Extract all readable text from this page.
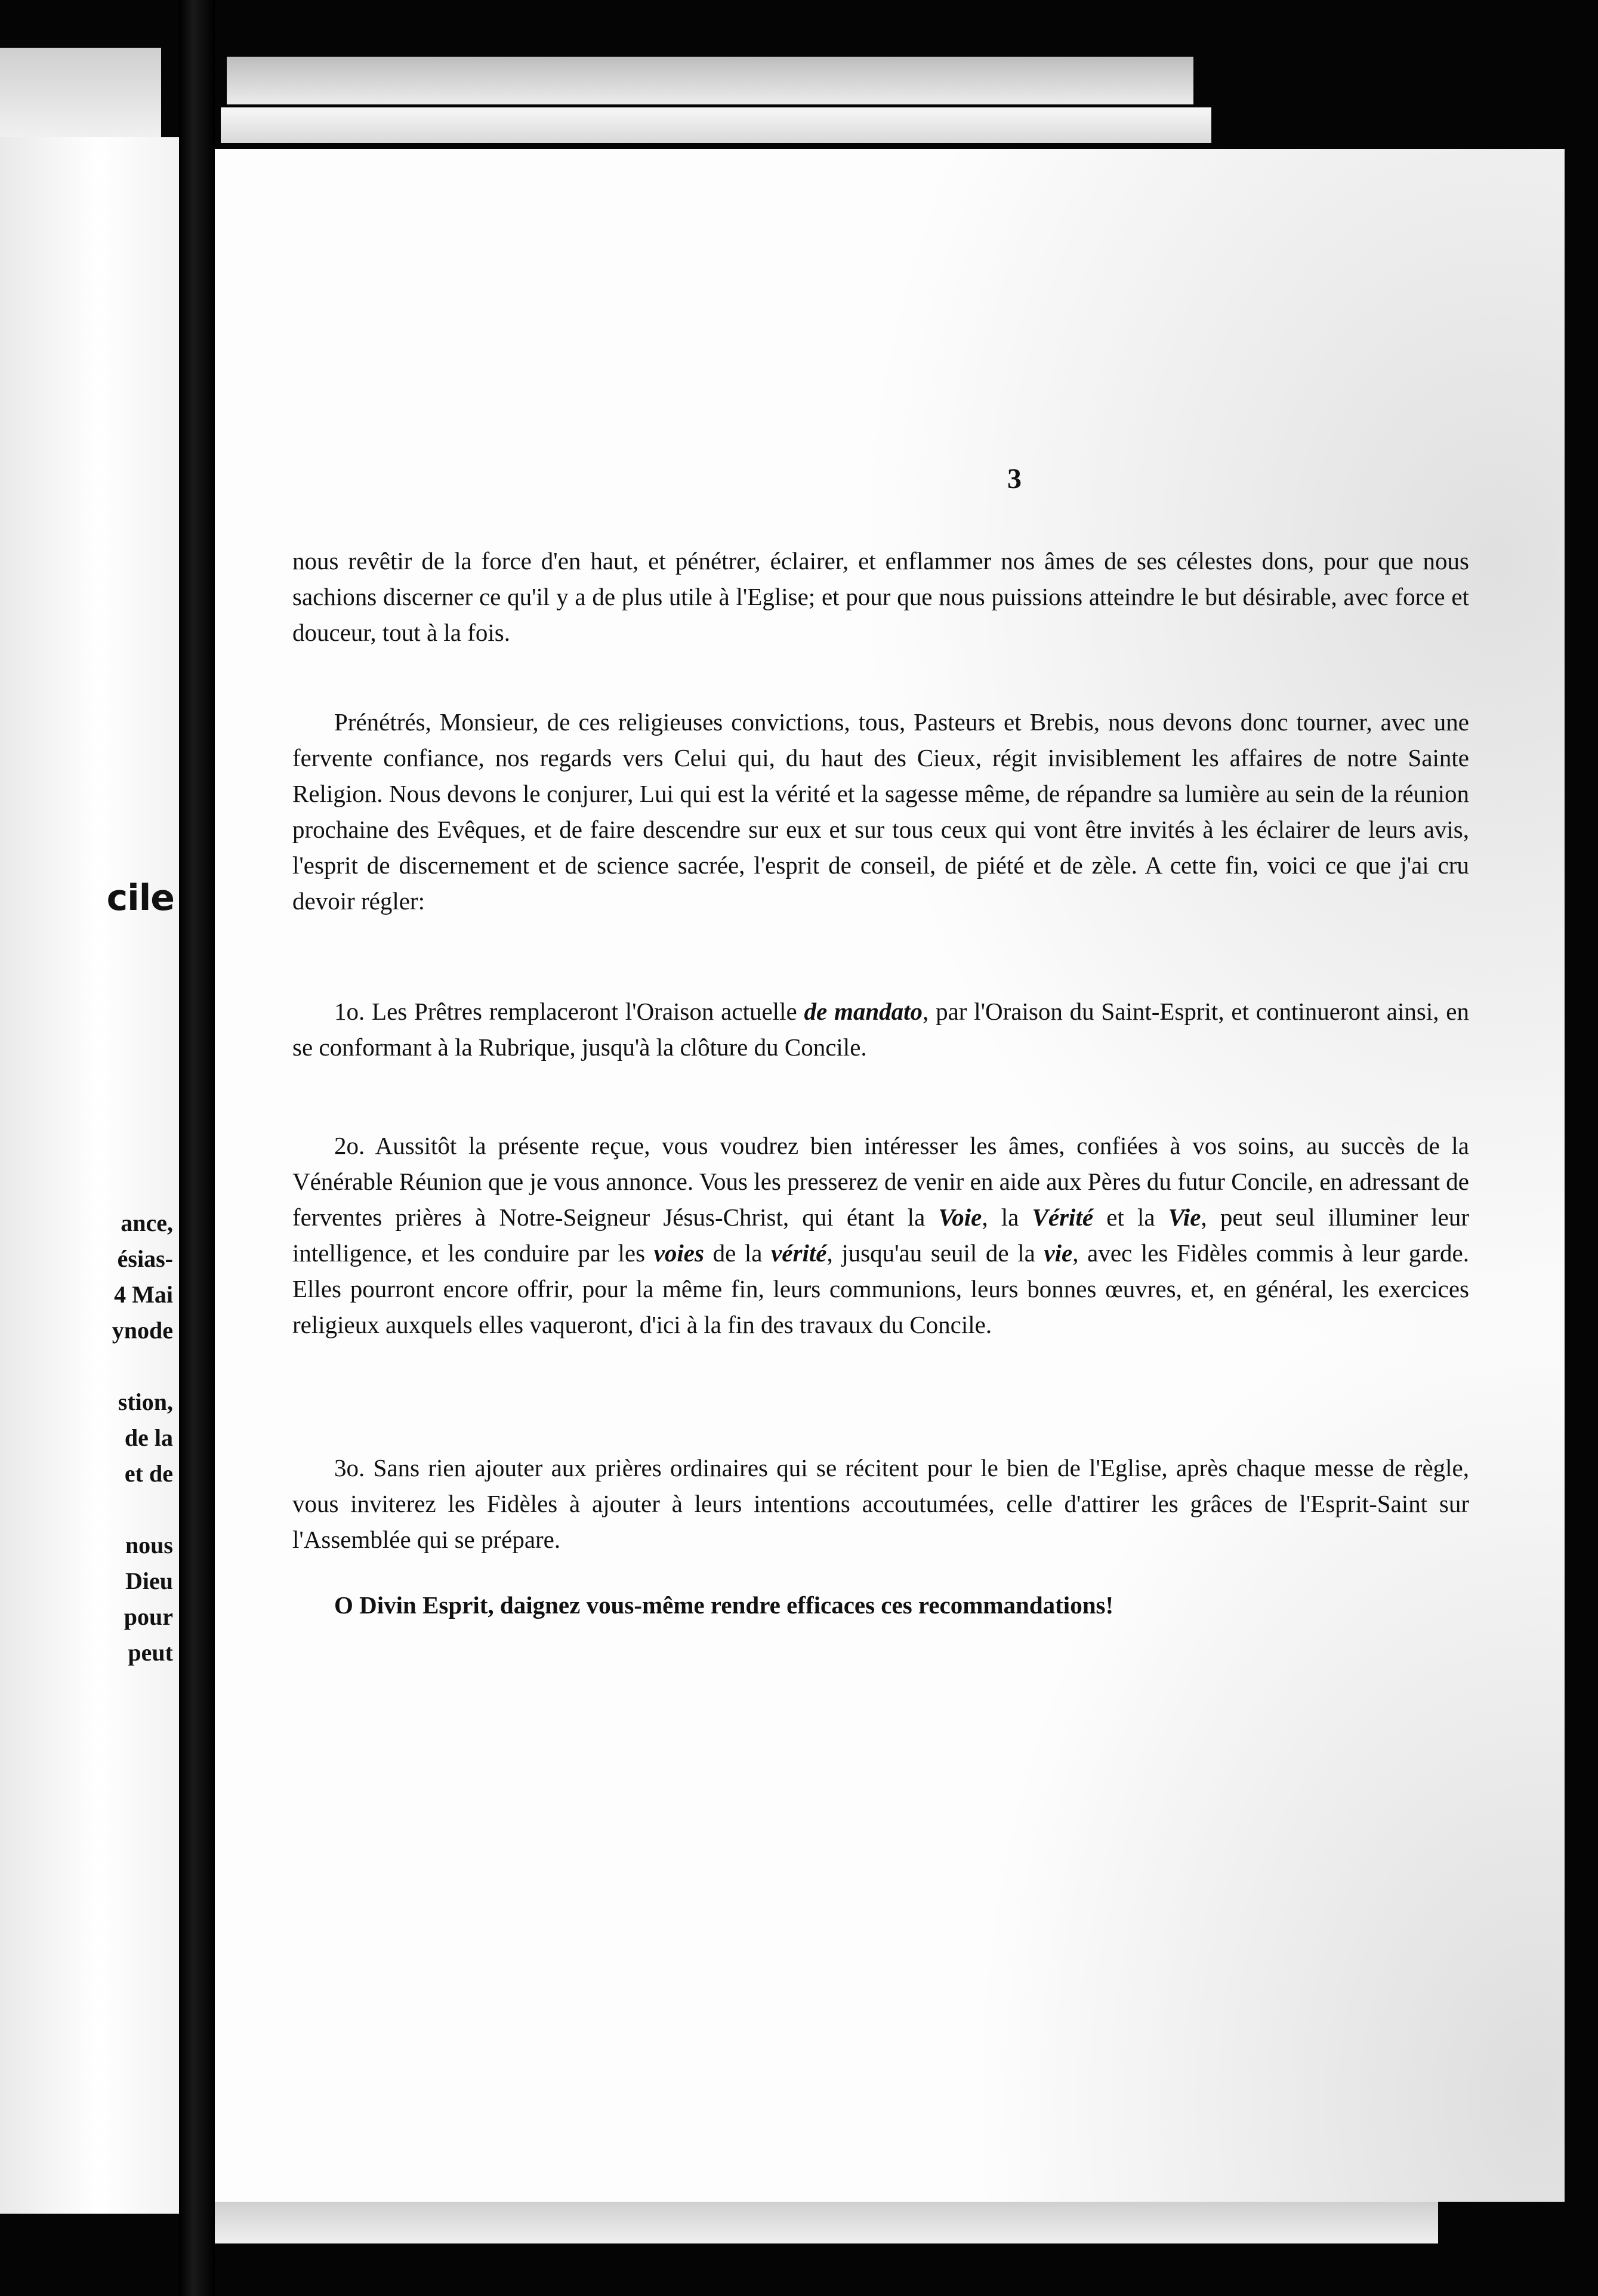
cile
ance,
ésias-
4 Mai
ynode
stion,
de la
et de
nous
Dieu
pour
peut
3

nous revêtir de la force d'en haut, et pénétrer, éclairer, et enflammer nos âmes de ses célestes dons, pour que nous sachions discerner ce qu'il y a de plus utile à l'Eglise; et pour que nous puissions atteindre le but désirable, avec force et douceur, tout à la fois.

Prénétrés, Monsieur, de ces religieuses convictions, tous, Pasteurs et Brebis, nous devons donc tourner, avec une fervente confiance, nos regards vers Celui qui, du haut des Cieux, régit invisiblement les affaires de notre Sainte Religion. Nous devons le conjurer, Lui qui est la vérité et la sagesse même, de répandre sa lumière au sein de la réunion prochaine des Evêques, et de faire descendre sur eux et sur tous ceux qui vont être invités à les éclairer de leurs avis, l'esprit de discernement et de science sacrée, l'esprit de conseil, de piété et de zèle. A cette fin, voici ce que j'ai cru devoir régler:

1o. Les Prêtres remplaceront l'Oraison actuelle de mandato, par l'Oraison du Saint-Esprit, et continueront ainsi, en se conformant à la Rubrique, jusqu'à la clôture du Concile.

2o. Aussitôt la présente reçue, vous voudrez bien intéresser les âmes, confiées à vos soins, au succès de la Vénérable Réunion que je vous annonce. Vous les presserez de venir en aide aux Pères du futur Concile, en adressant de ferventes prières à Notre-Seigneur Jésus-Christ, qui étant la Voie, la Vérité et la Vie, peut seul illuminer leur intelligence, et les conduire par les voies de la vérité, jusqu'au seuil de la vie, avec les Fidèles commis à leur garde. Elles pourront encore offrir, pour la même fin, leurs communions, leurs bonnes œuvres, et, en général, les exercices religieux auxquels elles vaqueront, d'ici à la fin des travaux du Concile.

3o. Sans rien ajouter aux prières ordinaires qui se récitent pour le bien de l'Eglise, après chaque messe de règle, vous inviterez les Fidèles à ajouter à leurs intentions accoutumées, celle d'attirer les grâces de l'Esprit-Saint sur l'Assemblée qui se prépare.

O Divin Esprit, daignez vous-même rendre efficaces ces recommandations!
